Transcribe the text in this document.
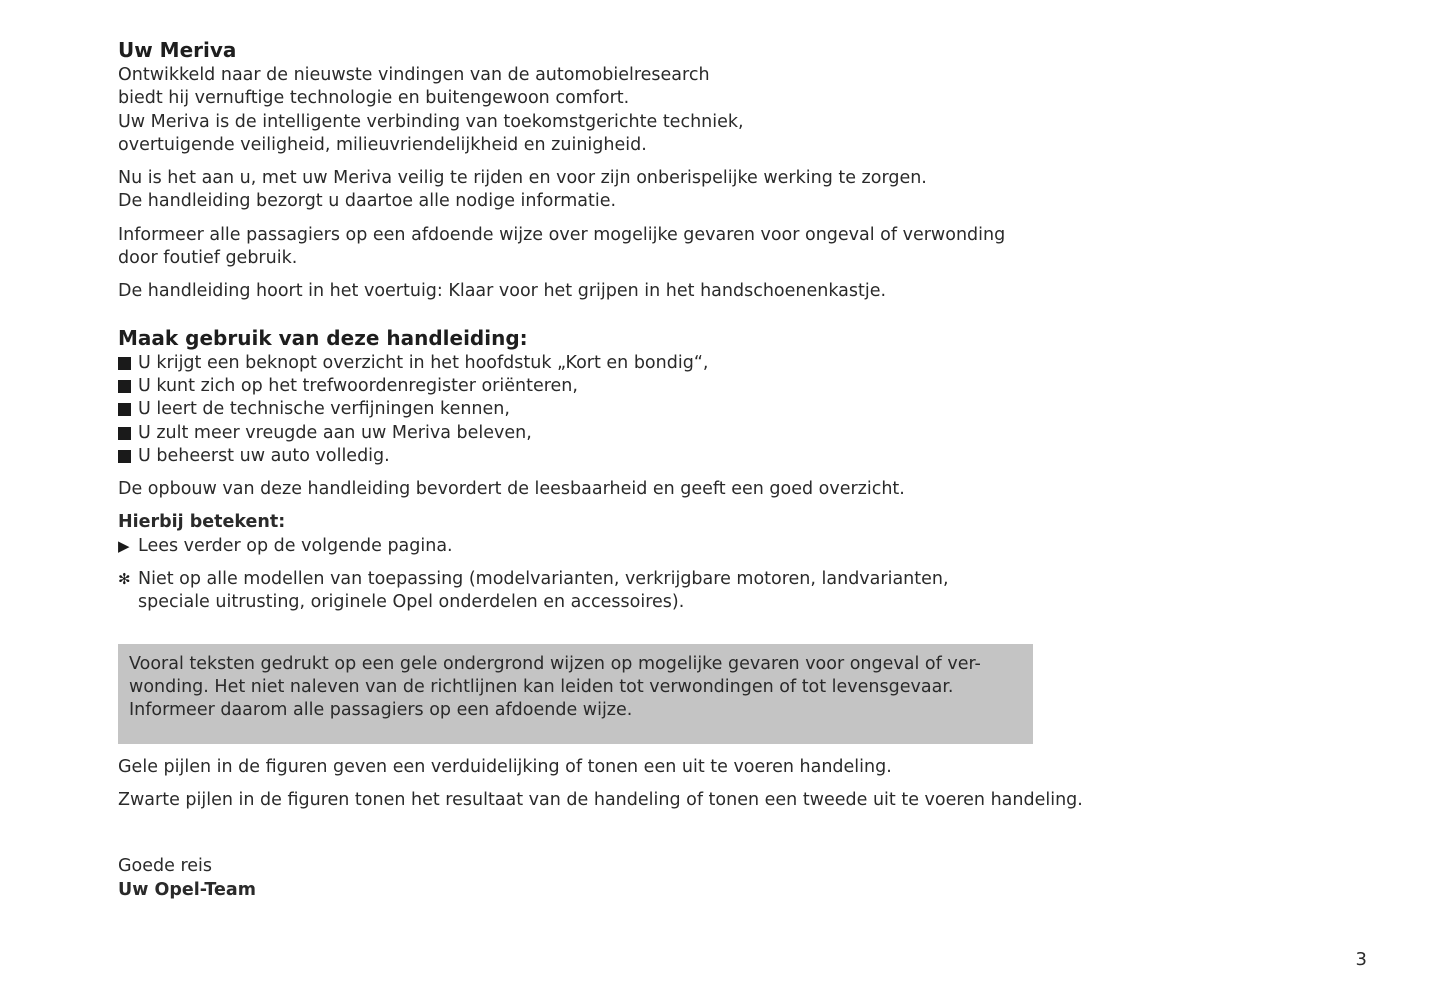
Uw Meriva

Ontwikkeld naar de nieuwste vindingen van de automobielresearch
biedt hij vernuftige technologie en buitengewoon comfort.
Uw Meriva is de intelligente verbinding van toekomstgerichte techniek,
overtuigende veiligheid, milieuvriendelijkheid en zuinigheid.

Nu is het aan u, met uw Meriva veilig te rijden en voor zijn onberispelijke werking te zorgen.
De handleiding bezorgt u daartoe alle nodige informatie.

Informeer alle passagiers op een afdoende wijze over mogelijke gevaren voor ongeval of verwonding
door foutief gebruik.

De handleiding hoort in het voertuig: Klaar voor het grijpen in het handschoenenkastje.

Maak gebruik van deze handleiding:
U krijgt een beknopt overzicht in het hoofdstuk „Kort en bondig“,
U kunt zich op het trefwoordenregister oriënteren,
U leert de technische verfijningen kennen,
U zult meer vreugde aan uw Meriva beleven,
U beheerst uw auto volledig.

De opbouw van deze handleiding bevordert de leesbaarheid en geeft een goed overzicht.

Hierbij betekent:

▶ Lees verder op de volgende pagina.
✻ Niet op alle modellen van toepassing (modelvarianten, verkrijgbare motoren, landvarianten,
speciale uitrusting, originele Opel onderdelen en accessoires).

Vooral teksten gedrukt op een gele ondergrond wijzen op mogelijke gevaren voor ongeval of ver-
wonding. Het niet naleven van de richtlijnen kan leiden tot verwondingen of tot levensgevaar.
Informeer daarom alle passagiers op een afdoende wijze.

Gele pijlen in de figuren geven een verduidelijking of tonen een uit te voeren handeling.

Zwarte pijlen in de figuren tonen het resultaat van de handeling of tonen een tweede uit te voeren handeling.

Goede reis

Uw Opel-Team

3
